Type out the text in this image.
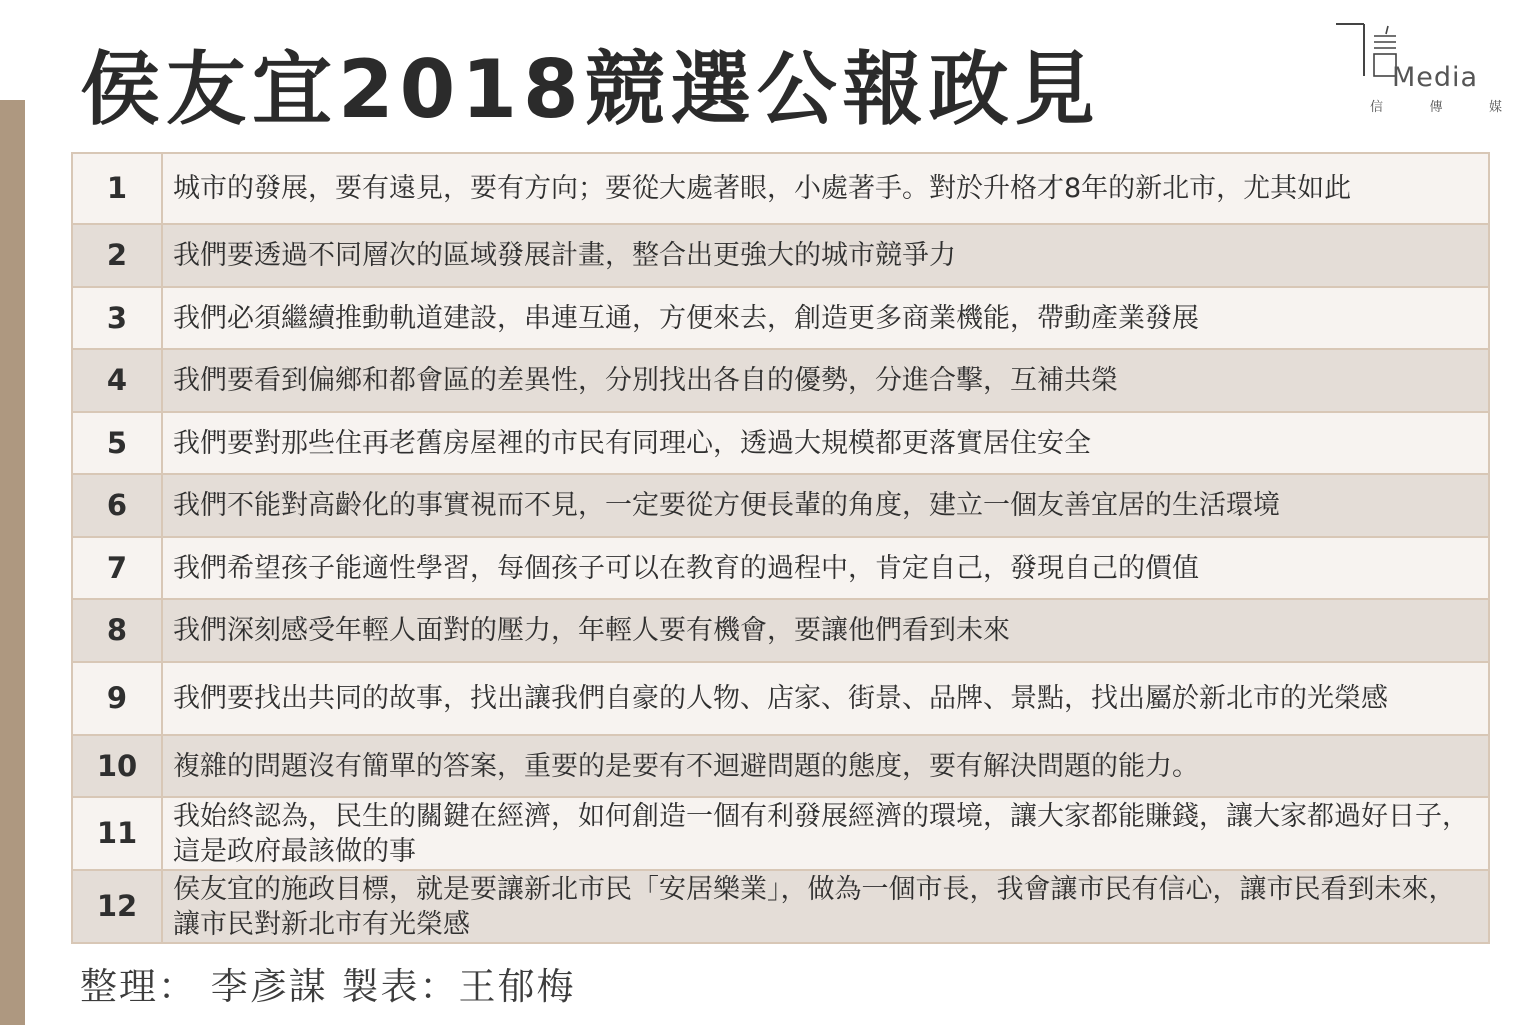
侯友宜2018競選公報政見	Media
信	傳	媒
1	城市的發展，要有遠見，要有方向；要從大處著眼，小處著手。對於升格才8年的新北市，尤其如此
2	我們要透過不同層次的區域發展計畫，整合出更強大的城市競爭力
3	我們必須繼續推動軌道建設，串連互通，方便來去，創造更多商業機能，帶動產業發展
4	我們要看到偏鄉和都會區的差異性，分別找出各自的優勢，分進合擊，互補共榮
5	我們要對那些住再老舊房屋裡的市民有同理心，透過大規模都更落實居住安全
6	我們不能對高齡化的事實視而不見，一定要從方便長輩的角度，建立一個友善宜居的生活環境
7	我們希望孩子能適性學習，每個孩子可以在教育的過程中，肯定自己，發現自己的價值
8	我們深刻感受年輕人面對的壓力，年輕人要有機會，要讓他們看到未來
9	我們要找出共同的故事，找出讓我們自豪的人物、店家、街景、品牌、景點，找出屬於新北市的光榮感
10	複雜的問題沒有簡單的答案，重要的是要有不迴避問題的態度，要有解決問題的能力。
11	我始終認為，民生的關鍵在經濟，如何創造一個有利發展經濟的環境，讓大家都能賺錢，讓大家都過好日子，這是政府最該做的事
12	侯友宜的施政目標，就是要讓新北市民「安居樂業」，做為一個市長，我會讓市民有信心，讓市民看到未來，讓市民對新北市有光榮感
整理： 李彥謀 製表：王郁梅
